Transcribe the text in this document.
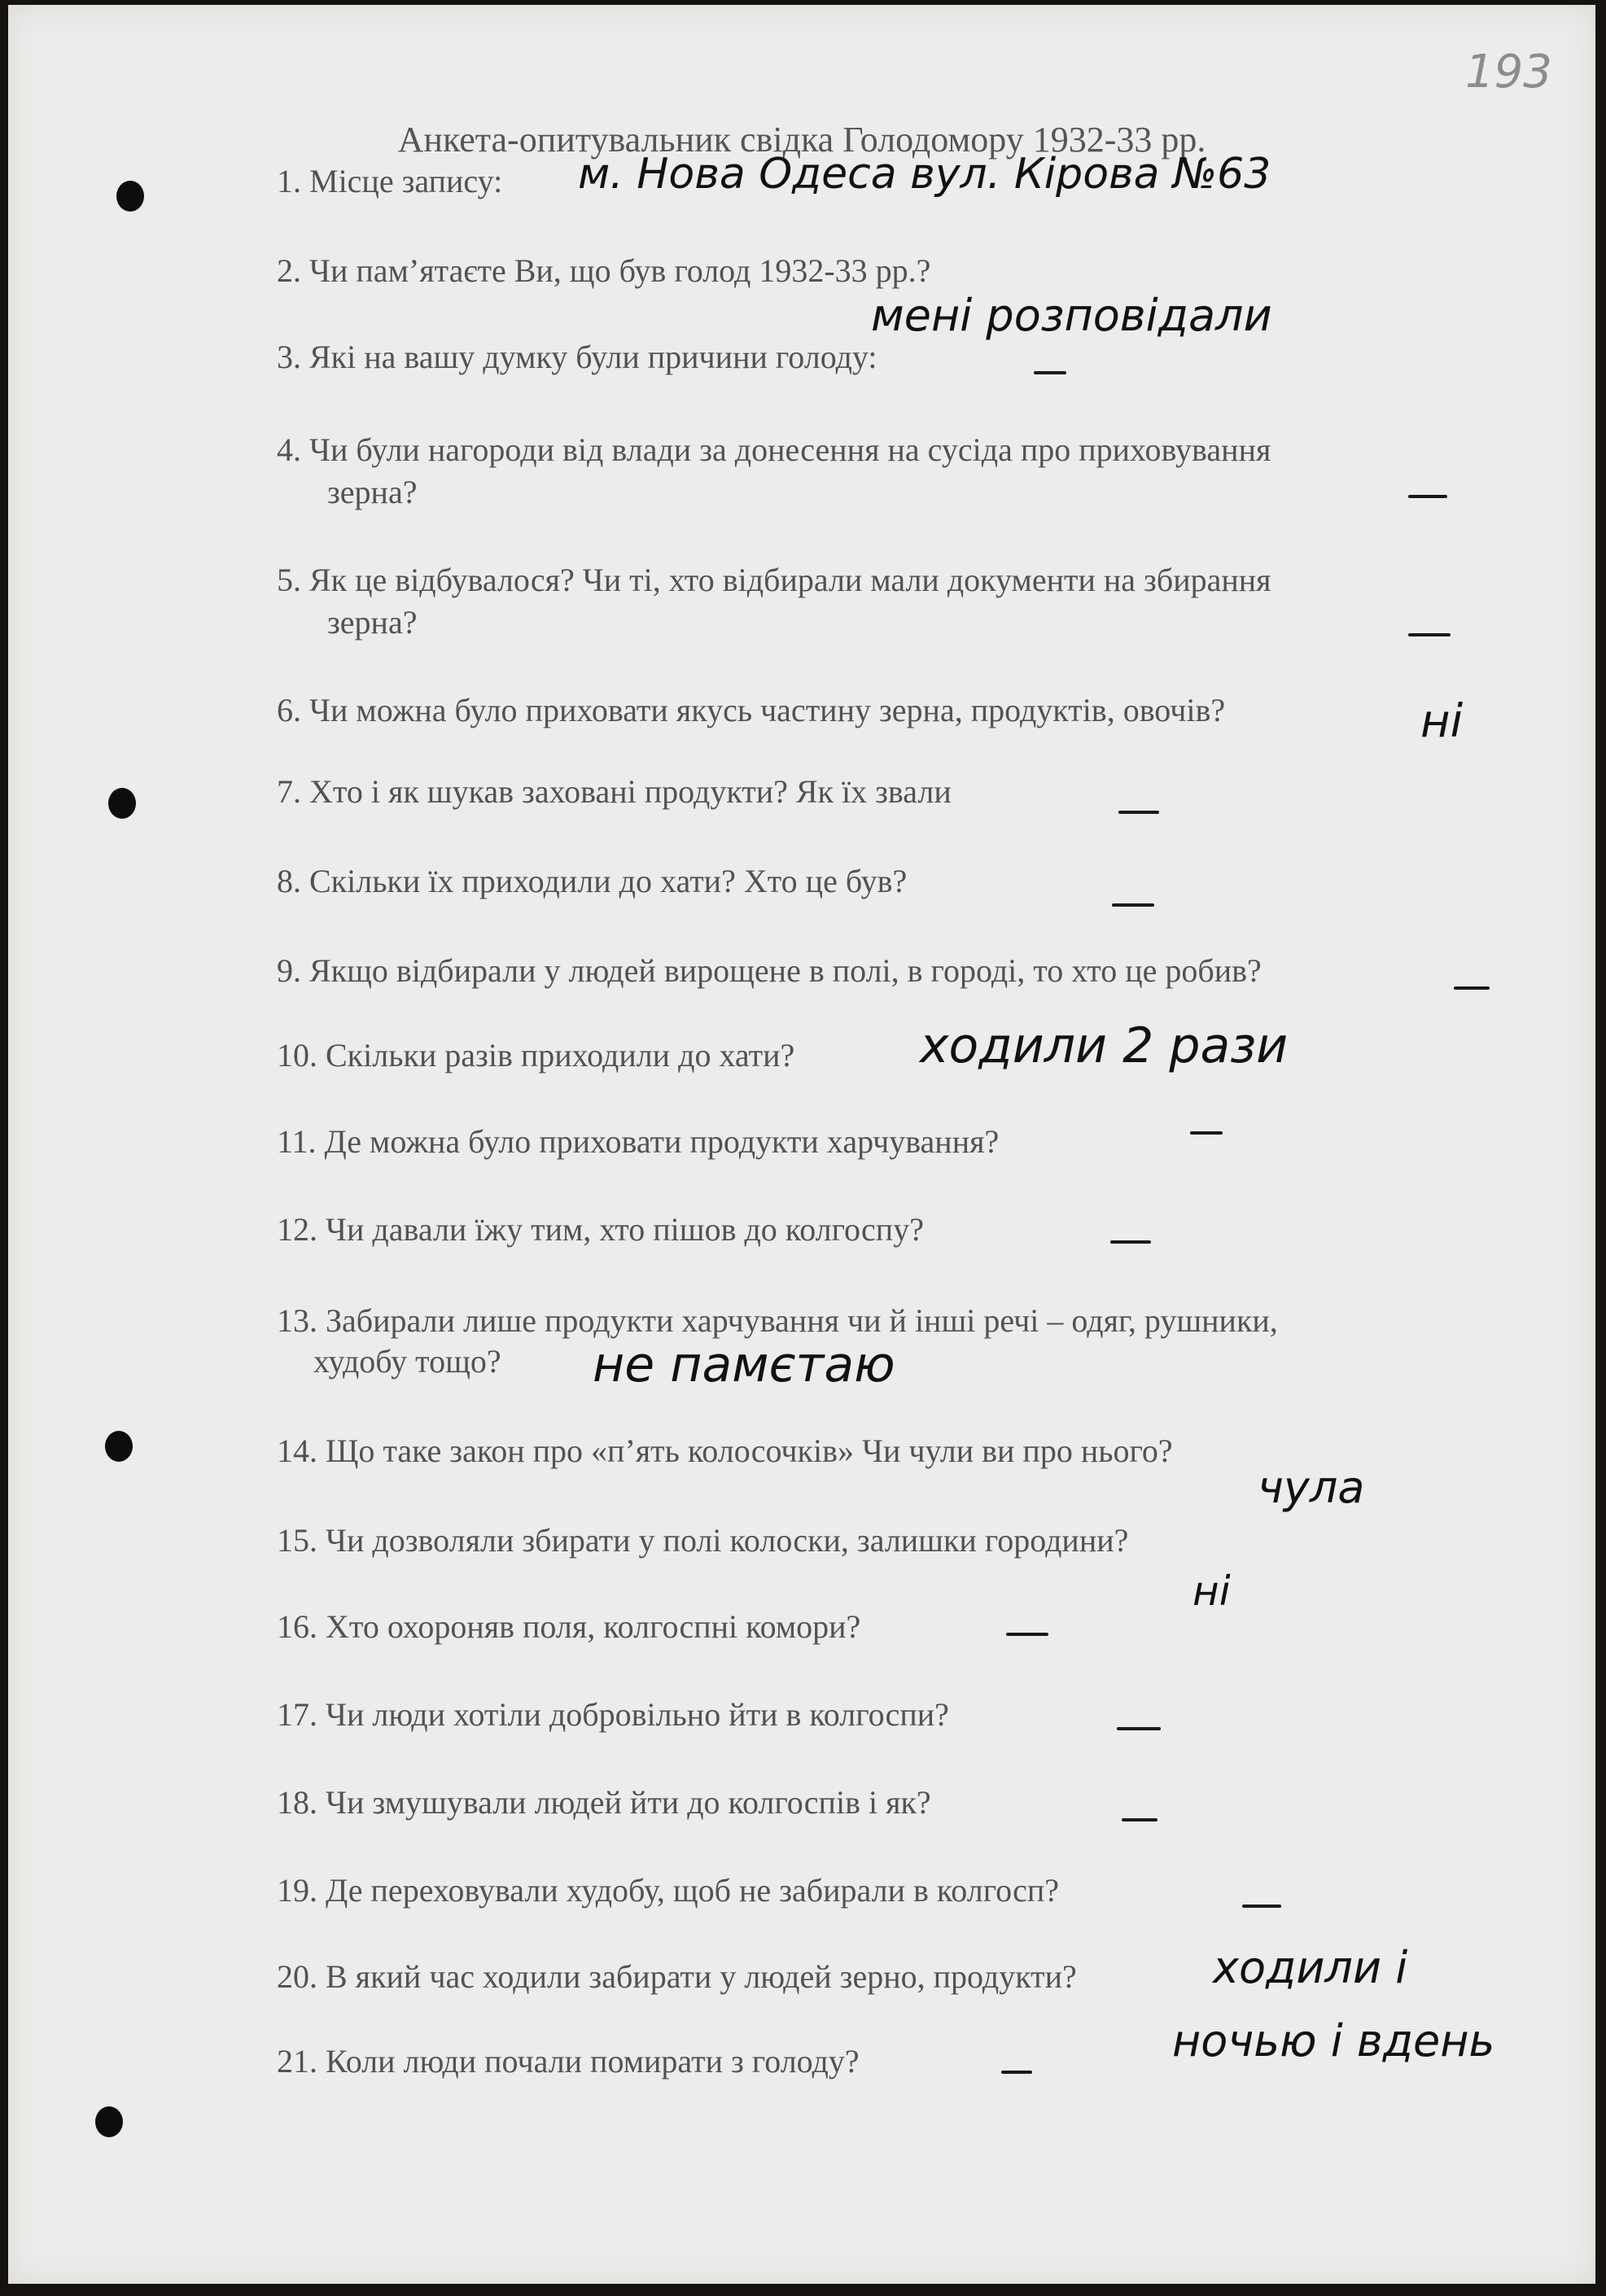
193
Анкета-опитувальник свідка Голодомору 1932-33 рр.
1. Місце запису:
2. Чи пам’ятаєте Ви, що був голод 1932-33 рр.?
3. Які на вашу думку були причини голоду:
4. Чи були нагороди від влади за донесення на сусіда про приховування
зерна?
5. Як це відбувалося? Чи ті, хто відбирали мали документи на збирання
зерна?
6. Чи можна було приховати якусь частину зерна, продуктів, овочів?
7. Хто і як шукав заховані продукти? Як їх звали
8. Скільки їх приходили до хати? Хто це був?
9. Якщо відбирали у людей вирощене в полі, в городі, то хто це робив?
10. Скільки разів приходили до хати?
11. Де можна було приховати продукти харчування?
12. Чи давали їжу тим, хто пішов до колгоспу?
13. Забирали лише продукти харчування чи й інші речі – одяг, рушники,
худобу тощо?
14. Що таке закон про «п’ять колосочків» Чи чули ви про нього?
15. Чи дозволяли збирати у полі колоски, залишки городини?
16. Хто охороняв поля, колгоспні комори?
17. Чи люди хотіли добровільно йти в колгоспи?
18. Чи змушували людей йти до колгоспів і як?
19. Де переховували худобу, щоб не забирали в колгосп?
20. В який час ходили забирати у людей зерно, продукти?
21. Коли люди почали помирати з голоду?
м. Нова Одеса вул. Кірова №63
мені розповідали
ні
ходили 2 рази
не памєтаю
чула
ні
ходили і
ночью і вдень
